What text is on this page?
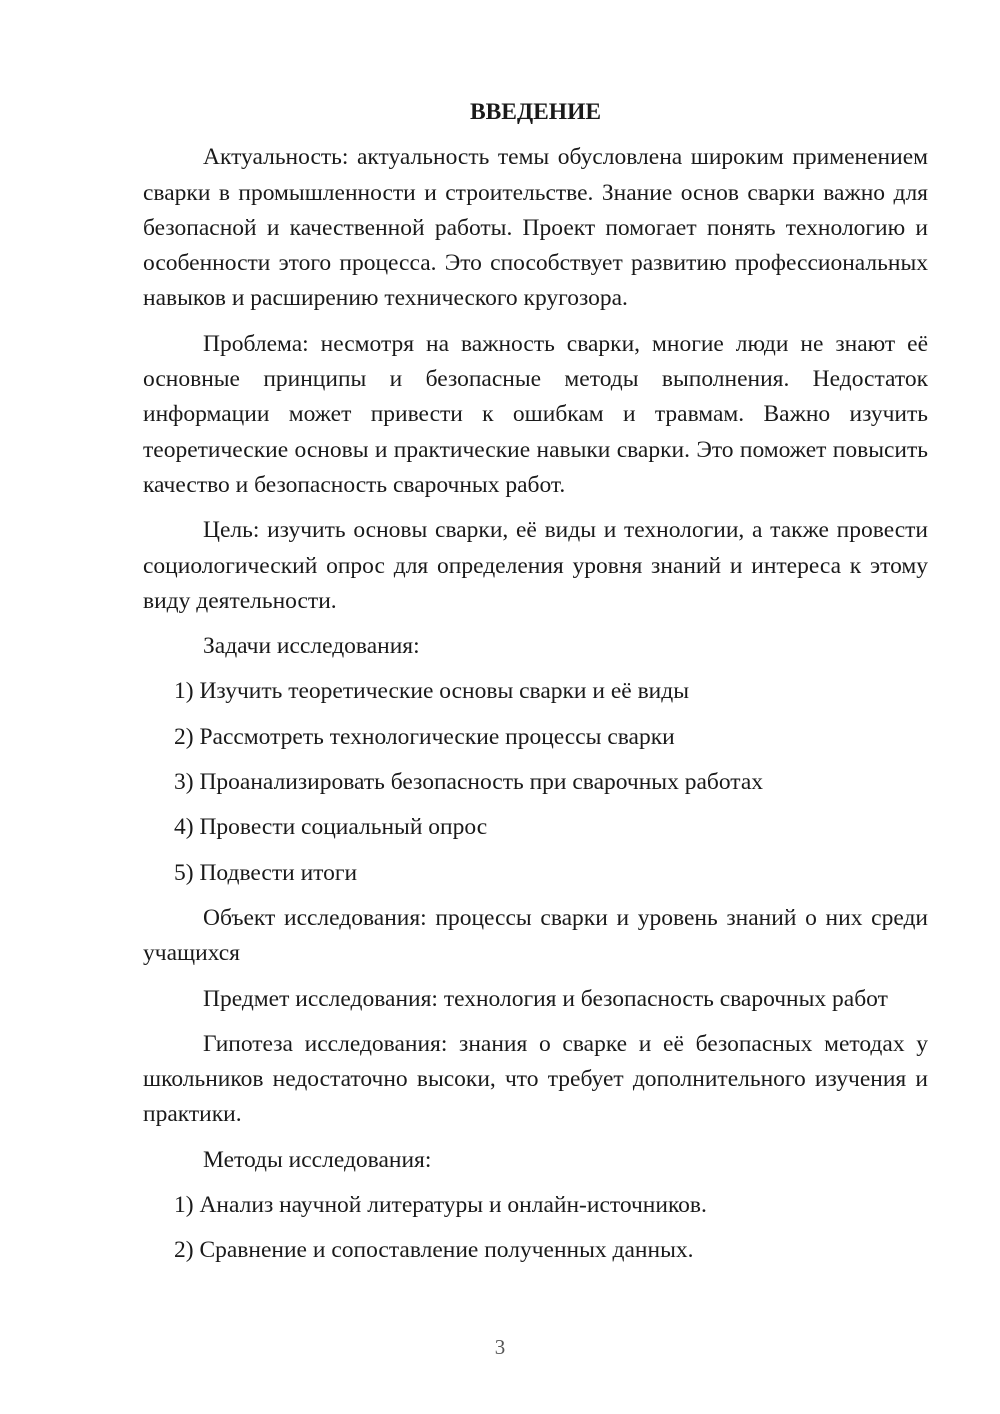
ВВЕДЕНИЕ
Актуальность: актуальность темы обусловлена широким применением сварки в промышленности и строительстве. Знание основ сварки важно для безопасной и качественной работы. Проект помогает понять технологию и особенности этого процесса. Это способствует развитию профессиональных навыков и расширению технического кругозора.
Проблема: несмотря на важность сварки, многие люди не знают её основные принципы и безопасные методы выполнения. Недостаток информации может привести к ошибкам и травмам. Важно изучить теоретические основы и практические навыки сварки. Это поможет повысить качество и безопасность сварочных работ.
Цель: изучить основы сварки, её виды и технологии, а также провести социологический опрос для определения уровня знаний и интереса к этому виду деятельности.
Задачи исследования:
1) Изучить теоретические основы сварки и её виды
2) Рассмотреть технологические процессы сварки
3) Проанализировать безопасность при сварочных работах
4) Провести социальный опрос
5) Подвести итоги
Объект исследования: процессы сварки и уровень знаний о них среди учащихся
Предмет исследования: технология и безопасность сварочных работ
Гипотеза исследования: знания о сварке и её безопасных методах у школьников недостаточно высоки, что требует дополнительного изучения и практики.
Методы исследования:
1) Анализ научной литературы и онлайн-источников.
2) Сравнение и сопоставление полученных данных.
3
